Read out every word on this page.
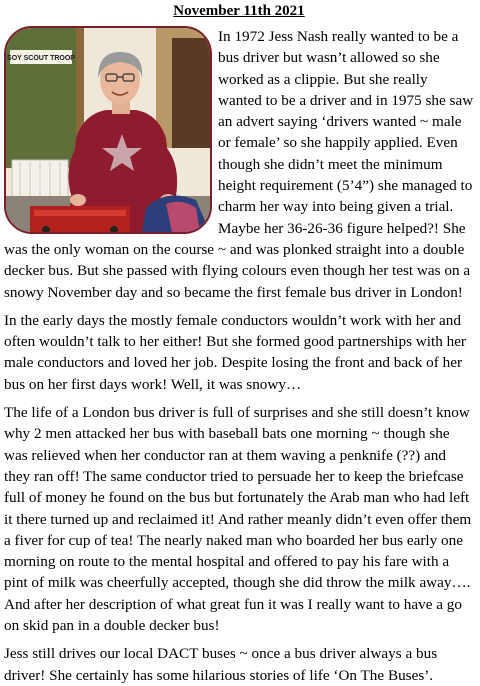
November 11th 2021
SOY SCOUT TROOP

In 1972 Jess Nash really wanted to be a bus driver but wasn’t allowed so she worked as a clippie. But she really wanted to be a driver and in 1975 she saw an advert saying ‘drivers wanted ~ male or female’ so she happily applied. Even though she didn’t meet the minimum height requirement (5’4”) she managed to charm her way into being given a trial. Maybe her 36-26-36 figure helped?! She was the only woman on the course ~ and was plonked straight into a double decker bus. But she passed with flying colours even though her test was on a snowy November day and so became the first female bus driver in London!

In the early days the mostly female conductors wouldn’t work with her and often wouldn’t talk to her either! But she formed good partnerships with her male conductors and loved her job. Despite losing the front and back of her bus on her first days work! Well, it was snowy…

The life of a London bus driver is full of surprises and she still doesn’t know why 2 men attacked her bus with baseball bats one morning ~ though she was relieved when her conductor ran at them waving a penknife (??) and they ran off! The same conductor tried to persuade her to keep the briefcase full of money he found on the bus but fortunately the Arab man who had left it there turned up and reclaimed it! And rather meanly didn’t even offer them a fiver for cup of tea! The nearly naked man who boarded her bus early one morning on route to the mental hospital and offered to pay his fare with a pint of milk was cheerfully accepted, though she did throw the milk away…. And after her description of what great fun it was I really want to have a go on skid pan in a double decker bus!

Jess still drives our local DACT buses ~ once a bus driver always a bus driver! She certainly has some hilarious stories of life ‘On The Buses’.
